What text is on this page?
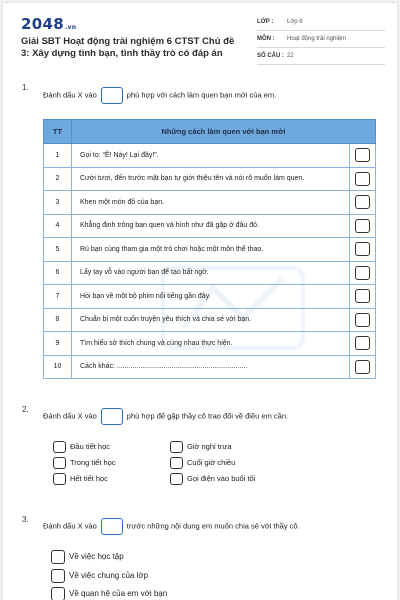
2048.vn
Giải SBT Hoạt động trải nghiệm 6 CTST Chủ đề 3: Xây dựng tình bạn, tình thầy trò có đáp án
LỚP : Lớp 6
MÔN : Hoạt động trải nghiệm
SỐ CÂU : 22
1.
Đánh dấu X vào	phù hợp với cách làm quen bạn mới của em.
TT	Những cách làm quen với bạn mới	
1	Gọi to: “Ê! Này! Lại đây!”.	
2	Cười tươi, đến trước mặt bạn tự giới thiệu tên và nói rõ muốn làm quen.	
3	Khen một món đồ của bạn.	
4	Khẳng định trông bạn quen và hình như đã gặp ở đâu đó.	
5	Rủ bạn cùng tham gia một trò chơi hoặc một môn thể thao.	
6	Lấy tay vỗ vào người bạn để tạo bất ngờ.	
7	Hỏi bạn về một bộ phim nổi tiếng gần đây.	
8	Chuẩn bị một cuốn truyện yêu thích và chia sẻ với bạn.	
9	Tìm hiểu sở thích chung và cùng nhau thực hiện.	
10	Cách khác: ...................................................................	
2.
Đánh dấu X vào	phù hợp để gặp thầy cô trao đổi về điều em cần.
Đầu tiết học
Trong tiết học
Hết tiết học
Giờ nghỉ trưa
Cuối giờ chiều
Gọi điện vào buổi tối
3.
Đánh dấu X vào	trước những nội dung em muốn chia sẻ với thầy cô.
Về việc học tập
Về việc chung của lớp
Về quan hệ của em với bạn
